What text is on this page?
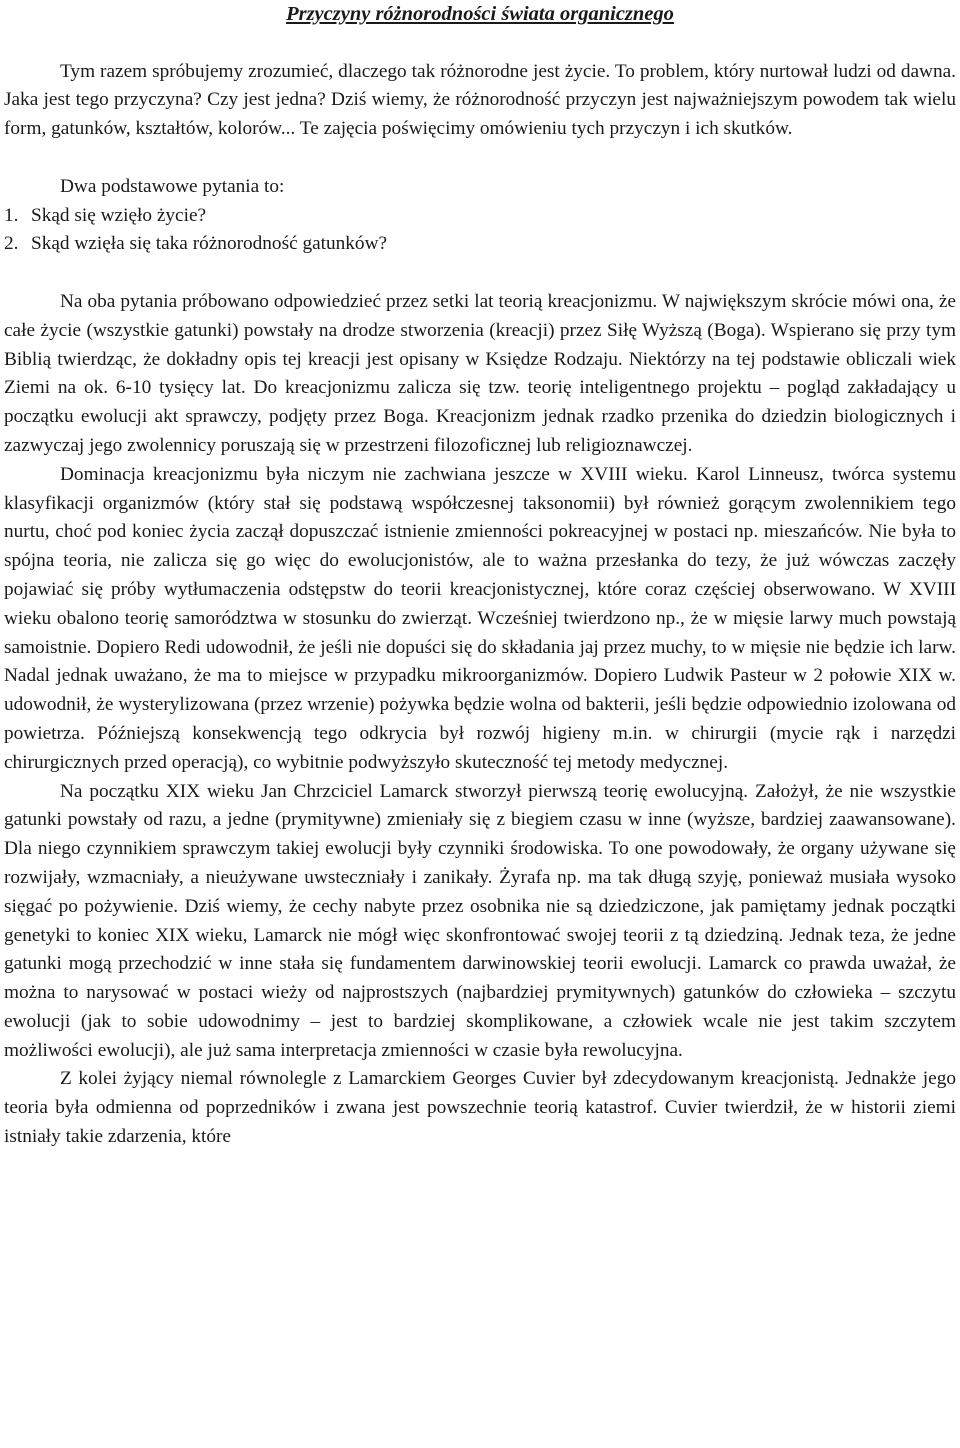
Przyczyny różnorodności świata organicznego

Tym razem spróbujemy zrozumieć, dlaczego tak różnorodne jest życie. To problem, który nurtował ludzi od dawna. Jaka jest tego przyczyna? Czy jest jedna? Dziś wiemy, że różnorodność przyczyn jest najważniejszym powodem tak wielu form, gatunków, kształtów, kolorów... Te zajęcia poświęcimy omówieniu tych przyczyn i ich skutków.

Dwa podstawowe pytania to:

1. Skąd się wzięło życie?
2. Skąd wzięła się taka różnorodność gatunków?

Na oba pytania próbowano odpowiedzieć przez setki lat teorią kreacjonizmu. W największym skrócie mówi ona, że całe życie (wszystkie gatunki) powstały na drodze stworzenia (kreacji) przez Siłę Wyższą (Boga). Wspierano się przy tym Biblią twierdząc, że dokładny opis tej kreacji jest opisany w Księdze Rodzaju. Niektórzy na tej podstawie obliczali wiek Ziemi na ok. 6-10 tysięcy lat. Do kreacjonizmu zalicza się tzw. teorię inteligentnego projektu – pogląd zakładający u początku ewolucji akt sprawczy, podjęty przez Boga. Kreacjonizm jednak rzadko przenika do dziedzin biologicznych i zazwyczaj jego zwolennicy poruszają się w przestrzeni filozoficznej lub religioznawczej.

Dominacja kreacjonizmu była niczym nie zachwiana jeszcze w XVIII wieku. Karol Linneusz, twórca systemu klasyfikacji organizmów (który stał się podstawą współczesnej taksonomii) był również gorącym zwolennikiem tego nurtu, choć pod koniec życia zaczął dopuszczać istnienie zmienności pokreacyjnej w postaci np. mieszańców. Nie była to spójna teoria, nie zalicza się go więc do ewolucjonistów, ale to ważna przesłanka do tezy, że już wówczas zaczęły pojawiać się próby wytłumaczenia odstępstw do teorii kreacjonistycznej, które coraz częściej obserwowano. W XVIII wieku obalono teorię samorództwa w stosunku do zwierząt. Wcześniej twierdzono np., że w mięsie larwy much powstają samoistnie. Dopiero Redi udowodnił, że jeśli nie dopuści się do składania jaj przez muchy, to w mięsie nie będzie ich larw. Nadal jednak uważano, że ma to miejsce w przypadku mikroorganizmów. Dopiero Ludwik Pasteur w 2 połowie XIX w. udowodnił, że wysterylizowana (przez wrzenie) pożywka będzie wolna od bakterii, jeśli będzie odpowiednio izolowana od powietrza. Późniejszą konsekwencją tego odkrycia był rozwój higieny m.in. w chirurgii (mycie rąk i narzędzi chirurgicznych przed operacją), co wybitnie podwyższyło skuteczność tej metody medycznej.

Na początku XIX wieku Jan Chrzciciel Lamarck stworzył pierwszą teorię ewolucyjną. Założył, że nie wszystkie gatunki powstały od razu, a jedne (prymitywne) zmieniały się z biegiem czasu w inne (wyższe, bardziej zaawansowane). Dla niego czynnikiem sprawczym takiej ewolucji były czynniki środowiska. To one powodowały, że organy używane się rozwijały, wzmacniały, a nieużywane uwsteczniały i zanikały. Żyrafa np. ma tak długą szyję, ponieważ musiała wysoko sięgać po pożywienie. Dziś wiemy, że cechy nabyte przez osobnika nie są dziedziczone, jak pamiętamy jednak początki genetyki to koniec XIX wieku, Lamarck nie mógł więc skonfrontować swojej teorii z tą dziedziną. Jednak teza, że jedne gatunki mogą przechodzić w inne stała się fundamentem darwinowskiej teorii ewolucji. Lamarck co prawda uważał, że można to narysować w postaci wieży od najprostszych (najbardziej prymitywnych) gatunków do człowieka – szczytu ewolucji (jak to sobie udowodnimy – jest to bardziej skomplikowane, a człowiek wcale nie jest takim szczytem możliwości ewolucji), ale już sama interpretacja zmienności w czasie była rewolucyjna.

Z kolei żyjący niemal równolegle z Lamarckiem Georges Cuvier był zdecydowanym kreacjonistą. Jednakże jego teoria była odmienna od poprzedników i zwana jest powszechnie teorią katastrof. Cuvier twierdził, że w historii ziemi istniały takie zdarzenia, które
